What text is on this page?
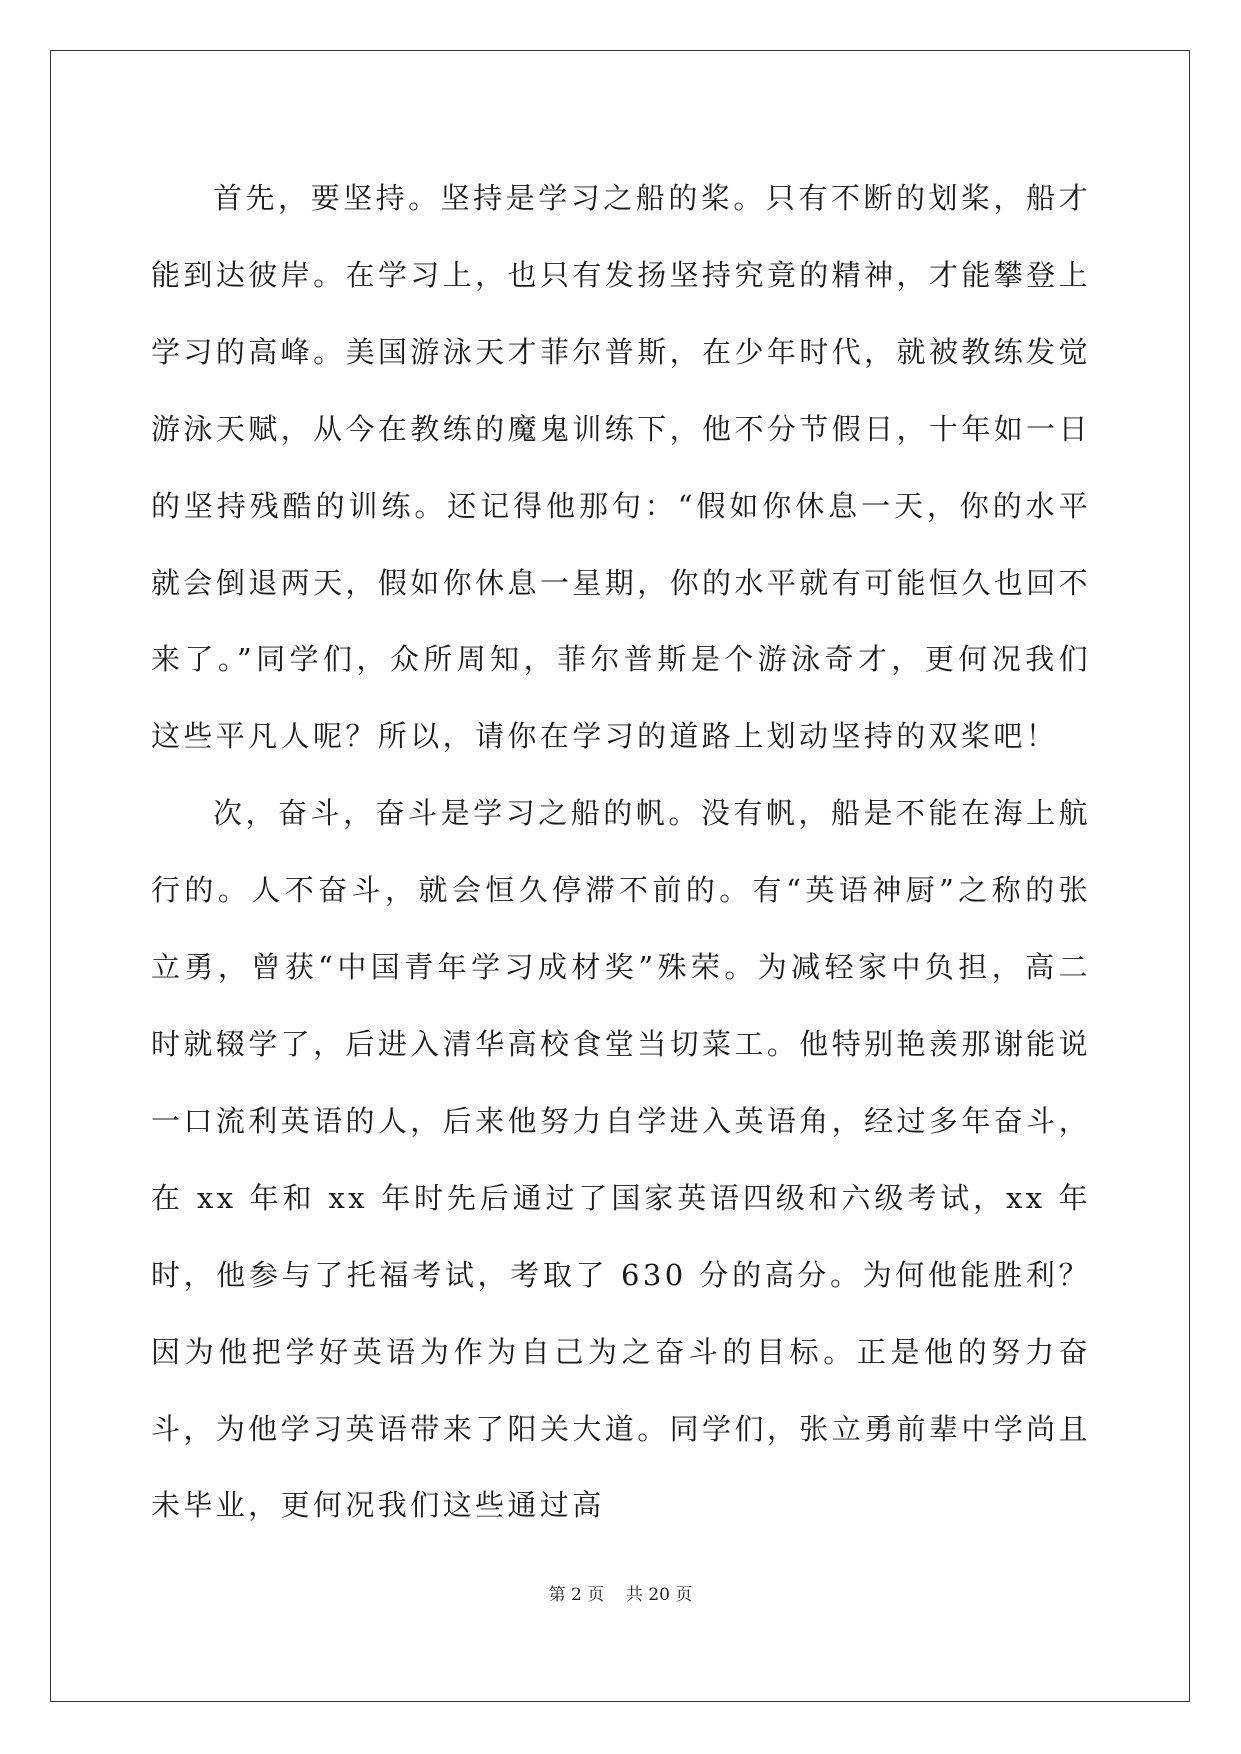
首先，要坚持。坚持是学习之船的桨。只有不断的划桨，船才能到达彼岸。在学习上，也只有发扬坚持究竟的精神，才能攀登上学习的高峰。美国游泳天才菲尔普斯，在少年时代，就被教练发觉游泳天赋，从今在教练的魔鬼训练下，他不分节假日，十年如一日的坚持残酷的训练。还记得他那句：“假如你休息一天，你的水平就会倒退两天，假如你休息一星期，你的水平就有可能恒久也回不来了。”同学们，众所周知，菲尔普斯是个游泳奇才，更何况我们这些平凡人呢？所以，请你在学习的道路上划动坚持的双桨吧！

次，奋斗，奋斗是学习之船的帆。没有帆，船是不能在海上航行的。人不奋斗，就会恒久停滞不前的。有“英语神厨”之称的张立勇，曾获“中国青年学习成材奖”殊荣。为减轻家中负担，高二时就辍学了，后进入清华高校食堂当切菜工。他特别艳羡那谢能说一口流利英语的人，后来他努力自学进入英语角，经过多年奋斗，在 xx 年和 xx 年时先后通过了国家英语四级和六级考试，xx 年时，他参与了托福考试，考取了 630 分的高分。为何他能胜利？因为他把学好英语为作为自己为之奋斗的目标。正是他的努力奋斗，为他学习英语带来了阳关大道。同学们，张立勇前辈中学尚且未毕业，更何况我们这些通过高

第 2 页 共 20 页
